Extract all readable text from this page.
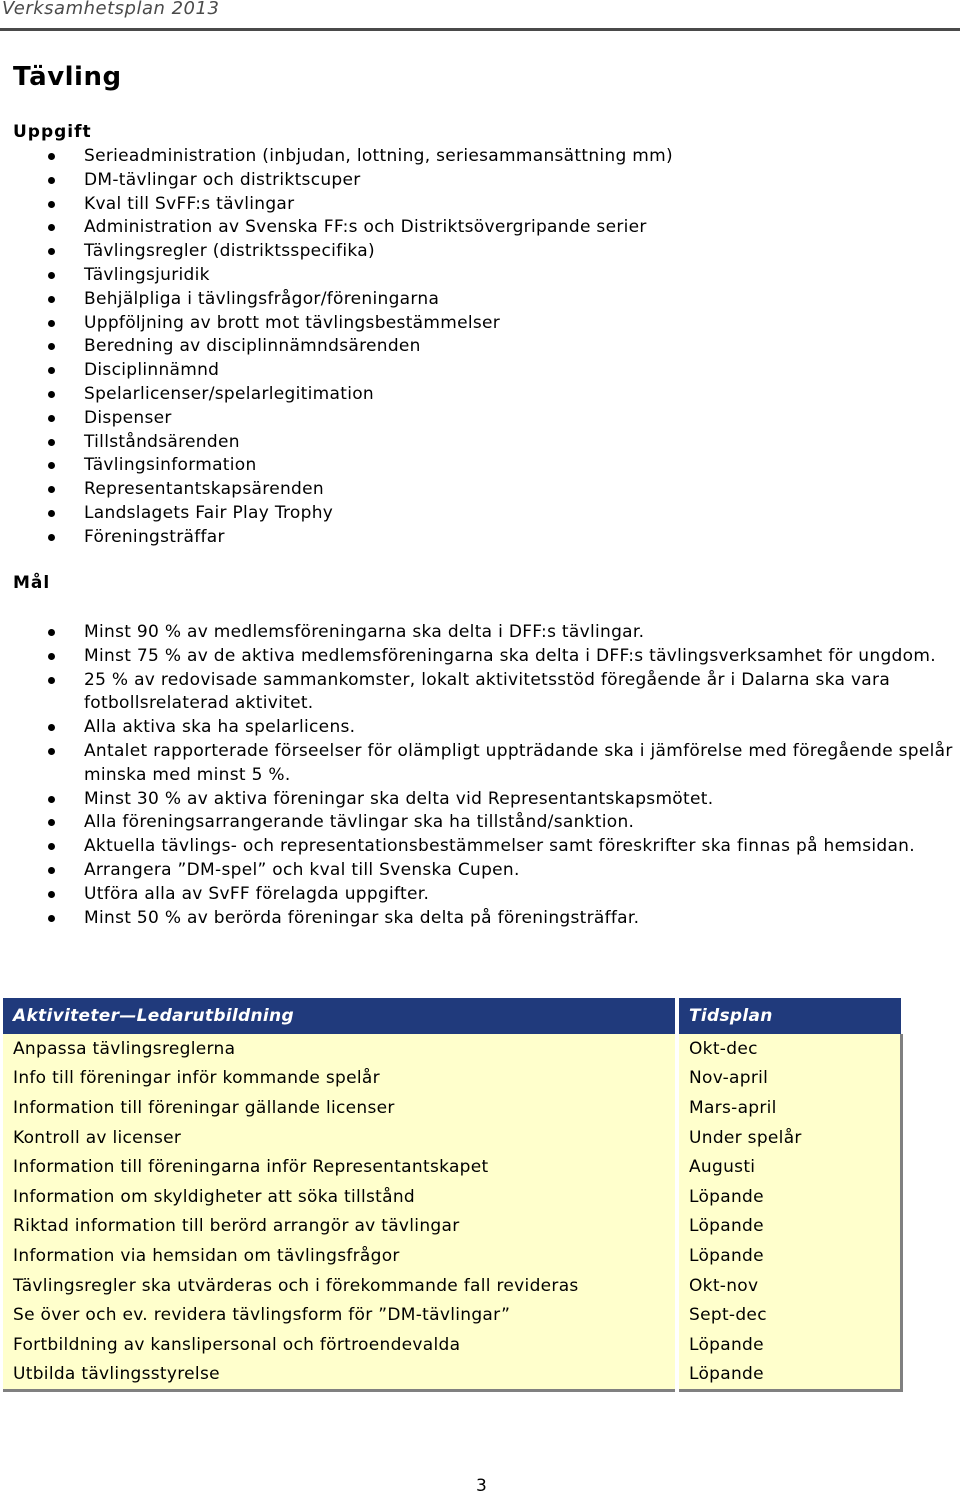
Verksamhetsplan 2013
Tävling
Uppgift
Serieadministration (inbjudan, lottning, seriesammansättning mm)
DM-tävlingar och distriktscuper
Kval till SvFF:s tävlingar
Administration av Svenska FF:s och Distriktsövergripande serier
Tävlingsregler (distriktsspecifika)
Tävlingsjuridik
Behjälpliga i tävlingsfrågor/föreningarna
Uppföljning av brott mot tävlingsbestämmelser
Beredning av disciplinnämndsärenden
Disciplinnämnd
Spelarlicenser/spelarlegitimation
Dispenser
Tillståndsärenden
Tävlingsinformation
Representantskapsärenden
Landslagets Fair Play Trophy
Föreningsträffar
Mål
Minst 90 % av medlemsföreningarna ska delta i DFF:s tävlingar.
Minst 75 % av de aktiva medlemsföreningarna ska delta i DFF:s tävlingsverksamhet för ungdom.
25 % av redovisade sammankomster, lokalt aktivitetsstöd föregående år i Dalarna ska vara fotbollsrelaterad aktivitet.
Alla aktiva ska ha spelarlicens.
Antalet rapporterade förseelser för olämpligt uppträdande ska i jämförelse med föregående spelår minska med minst 5 %.
Minst 30 % av aktiva föreningar ska delta vid Representantskapsmötet.
Alla föreningsarrangerande tävlingar ska ha tillstånd/sanktion.
Aktuella tävlings- och representationsbestämmelser samt föreskrifter ska finnas på hemsidan.
Arrangera ”DM-spel” och kval till Svenska Cupen.
Utföra alla av SvFF förelagda uppgifter.
Minst 50 % av berörda föreningar ska delta på föreningsträffar.
Aktiviteter—Ledarutbildning	Tidsplan
Anpassa tävlingsreglerna	Okt-dec
Info till föreningar inför kommande spelår	Nov-april
Information till föreningar gällande licenser	Mars-april
Kontroll av licenser	Under spelår
Information till föreningarna inför Representantskapet	Augusti
Information om skyldigheter att söka tillstånd	Löpande
Riktad information till berörd arrangör av tävlingar	Löpande
Information via hemsidan om tävlingsfrågor	Löpande
Tävlingsregler ska utvärderas och i förekommande fall revideras	Okt-nov
Se över och ev. revidera tävlingsform för ”DM-tävlingar”	Sept-dec
Fortbildning av kanslipersonal och förtroendevalda	Löpande
Utbilda tävlingsstyrelse	Löpande
3
